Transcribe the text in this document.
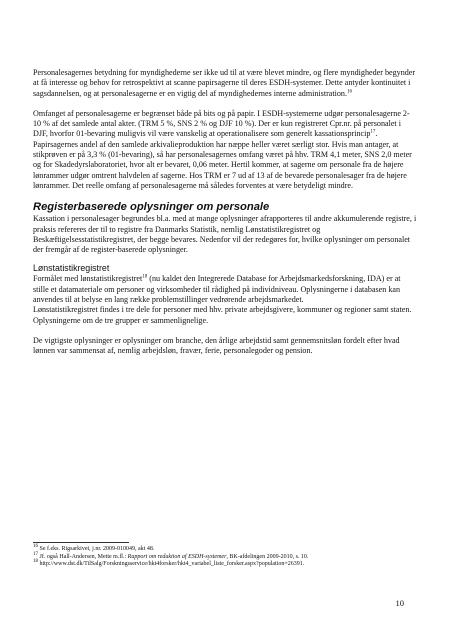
Personalesagernes betydning for myndighederne ser ikke ud til at være blevet mindre, og flere myndigheder begynder at få interesse og behov for retrospektivt at scanne papirsagerne til deres ESDH-systemer. Dette antyder kontinuitet i sagsdannelsen, og at personalesagerne er en vigtig del af myndighedernes interne administration.$^{16}$

Omfanget af personalesagerne er begrænset både på bits og på papir. I ESDH-systemerne udgør personalesagerne 2-10 % af det samlede antal akter. (TRM 5 %, SNS 2 % og DJF 10 %). Der er kun registreret Cpr.nr. på personalet i DJF, hvorfor 01-bevaring muligvis vil være vanskelig at operationalisere som generelt kassationsprincip$^{17}$. Papirsagernes andel af den samlede arkivalieproduktion har næppe heller været særligt stor. Hvis man antager, at stikprøven er på 3,3 % (01-bevaring), så har personalesagernes omfang været på hhv. TRM 4,1 meter, SNS 2,0 meter og for Skadedyrslaboratoriet, hvor alt er bevaret, 0,06 meter. Hertil kommer, at sagerne om personale fra de højere lønrammer udgør omtrent halvdelen af sagerne. Hos TRM er 7 ud af 13 af de bevarede personalesager fra de højere lønrammer. Det reelle omfang af personalesagerne må således forventes at være betydeligt mindre.

Registerbaserede oplysninger om personale

Kassation i personalesager begrundes bl.a. med at mange oplysninger afrapporteres til andre akkumulerende registre, i praksis refereres der til to registre fra Danmarks Statistik, nemlig Lønstatistikregistret og Beskæftigelsesstatistikregistret, der begge bevares. Nedenfor vil der redegøres for, hvilke oplysninger om personalet der fremgår af de register-baserede oplysninger.

Lønstatistikregistret

Formålet med lønstatistikregistret$^{18}$ (nu kaldet den Integrerede Database for Arbejdsmarkedsforskning, IDA) er at stille et datamateriale om personer og virksomheder til rådighed på individniveau. Oplysningerne i databasen kan anvendes til at belyse en lang række problemstillinger vedrørende arbejdsmarkedet.

Lønstatistikregistret findes i tre dele for personer med hhv. private arbejdsgivere, kommuner og regioner samt staten. Oplysningerne om de tre grupper er sammenlignelige.

De vigtigste oplysninger er oplysninger om branche, den årlige arbejdstid samt gennemsnitsløn fordelt efter hvad lønnen var sammensat af, nemlig arbejdsløn, fravær, ferie, personalegoder og pension.

$^{16}$ Se f.eks. Rigsarkivet, j.nr. 2009-010049, akt 48.
$^{17}$ Jf. også Hall-Andersen, Mette m.fl.: Rapport om reduktion af ESDH-systemer, BK-afdelingen 2009-2010, s. 10.
$^{18}$ http://www.dst.dk/TilSalg/Forskningsservice/hkt4forsker/hkt4_variabel_liste_forsker.aspx?population=26391.
10
